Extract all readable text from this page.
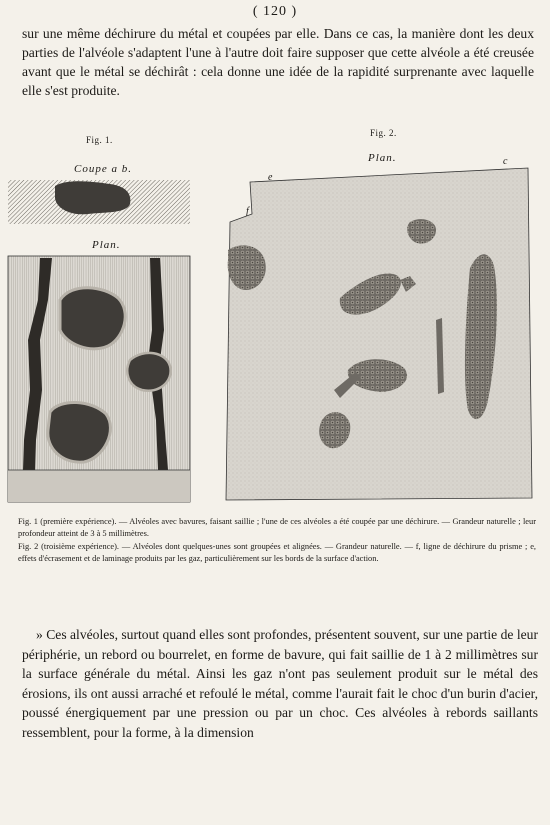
( 120 )

sur une même déchirure du métal et coupées par elle. Dans ce cas, la manière dont les deux parties de l'alvéole s'adaptent l'une à l'autre doit faire supposer que cette alvéole a été creusée avant que le métal se déchirât : cela donne une idée de la rapidité surprenante avec laquelle elle s'est produite.

Fig. 1.
Fig. 2.
Coupe a b.
Plan.
Plan.
c
e
f

Fig. 1 (première expérience). — Alvéoles avec bavures, faisant saillie ; l'une de ces alvéoles a été coupée par une déchirure. — Grandeur naturelle ; leur profondeur atteint de 3 à 5 millimètres.

Fig. 2 (troisième expérience). — Alvéoles dont quelques-unes sont groupées et alignées. — Grandeur naturelle. — f, ligne de déchirure du prisme ; e, effets d'écrasement et de laminage produits par les gaz, particulièrement sur les bords de la surface d'action.

» Ces alvéoles, surtout quand elles sont profondes, présentent souvent, sur une partie de leur périphérie, un rebord ou bourrelet, en forme de bavure, qui fait saillie de 1 à 2 millimètres sur la surface générale du métal. Ainsi les gaz n'ont pas seulement produit sur le métal des érosions, ils ont aussi arraché et refoulé le métal, comme l'aurait fait le choc d'un burin d'acier, poussé énergiquement par une pression ou par un choc. Ces alvéoles à rebords saillants ressemblent, pour la forme, à la dimension
